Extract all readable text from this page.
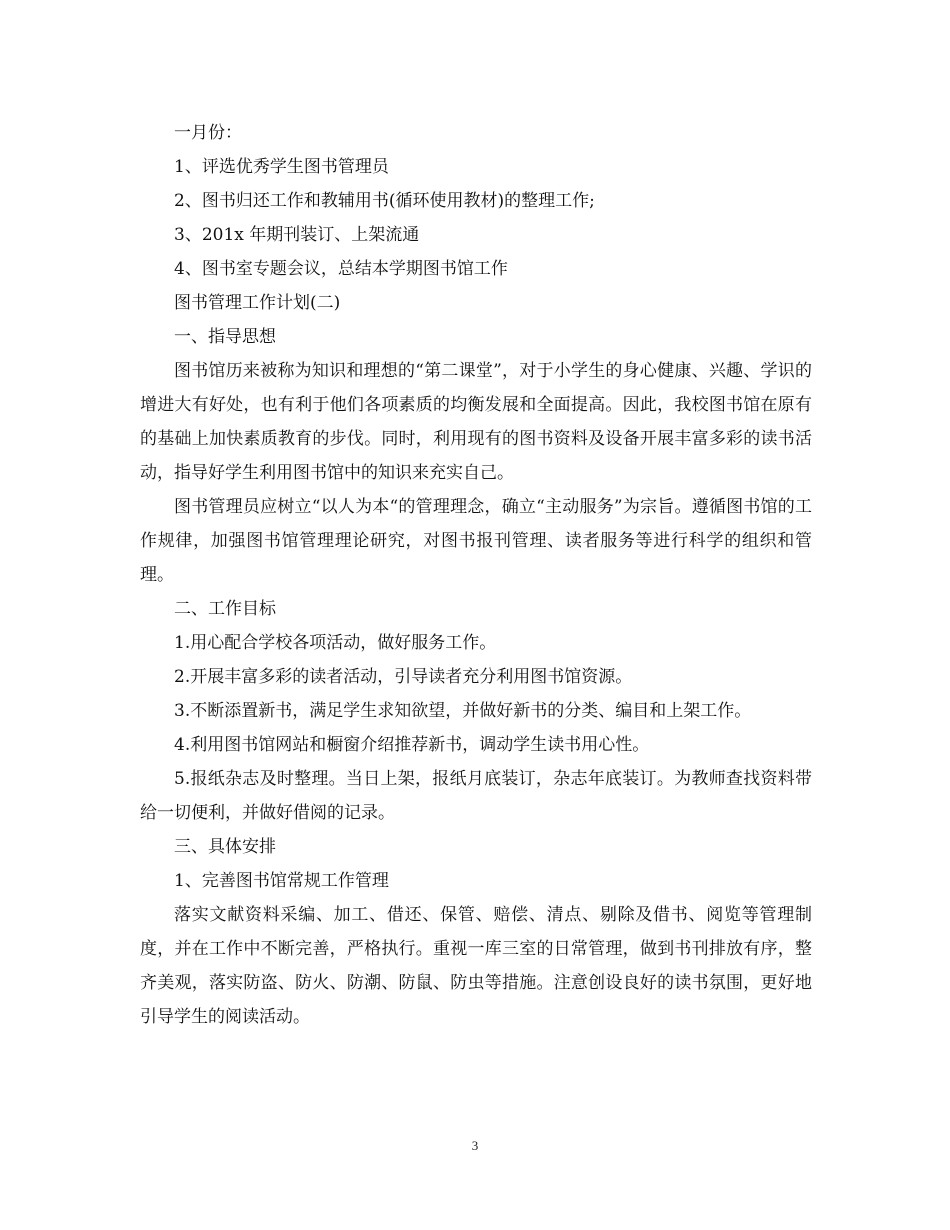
一月份：

1、评选优秀学生图书管理员

2、图书归还工作和教辅用书(循环使用教材)的整理工作;

3、201x 年期刊装订、上架流通

4、图书室专题会议，总结本学期图书馆工作

图书管理工作计划(二)

一、指导思想

图书馆历来被称为知识和理想的“第二课堂”，对于小学生的身心健康、兴趣、学识的增进大有好处，也有利于他们各项素质的均衡发展和全面提高。因此，我校图书馆在原有的基础上加快素质教育的步伐。同时，利用现有的图书资料及设备开展丰富多彩的读书活动，指导好学生利用图书馆中的知识来充实自己。

图书管理员应树立“以人为本“的管理理念，确立“主动服务”为宗旨。遵循图书馆的工作规律，加强图书馆管理理论研究，对图书报刊管理、读者服务等进行科学的组织和管理。

二、工作目标

1.用心配合学校各项活动，做好服务工作。

2.开展丰富多彩的读者活动，引导读者充分利用图书馆资源。

3.不断添置新书，满足学生求知欲望，并做好新书的分类、编目和上架工作。

4.利用图书馆网站和橱窗介绍推荐新书，调动学生读书用心性。

5.报纸杂志及时整理。当日上架，报纸月底装订，杂志年底装订。为教师查找资料带给一切便利，并做好借阅的记录。

三、具体安排

1、完善图书馆常规工作管理

落实文献资料采编、加工、借还、保管、赔偿、清点、剔除及借书、阅览等管理制度，并在工作中不断完善，严格执行。重视一库三室的日常管理，做到书刊排放有序，整齐美观，落实防盗、防火、防潮、防鼠、防虫等措施。注意创设良好的读书氛围，更好地引导学生的阅读活动。

3
